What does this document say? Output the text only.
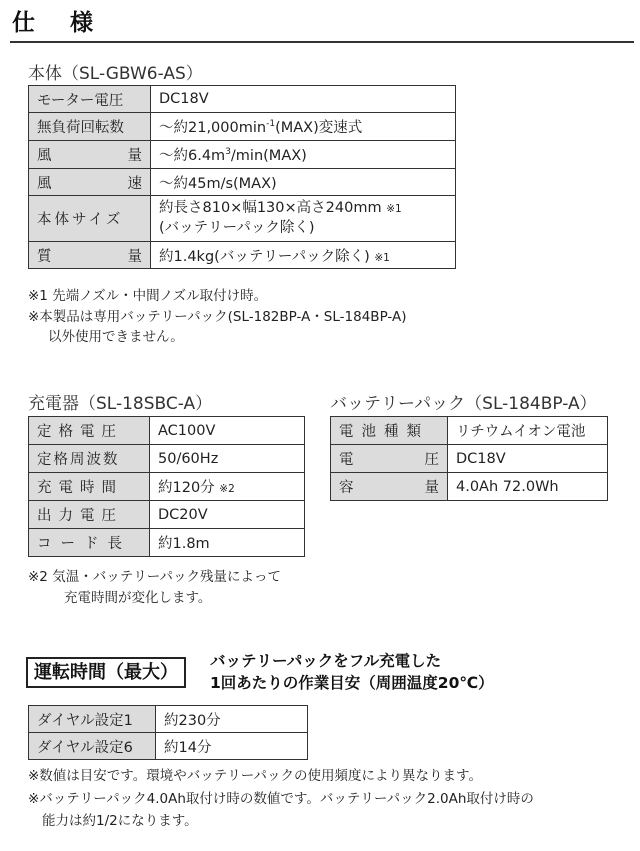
仕　様
本体（SL-GBW6-AS）
モーター電圧	DC18V
無負荷回転数	～約$21,000\min^{-1}(MAX)$変速式

風 量	～約$6.4m^3/\min(MAX)$

風 速	～約45m/s(MAX)
本体サイズ	約長さ810×幅130×高さ240mm ※1
(バッテリーパック除く)

質 量	約1.4kg(バッテリーパック除く) ※1
※1 先端ノズル・中間ノズル取付け時。
※本製品は専用バッテリーパック(SL-182BP-A・SL-184BP-A)
以外使用できません。
充電器（SL-18SBC-A）
定格電圧	AC100V
定格周波数	50/60Hz
充電時間	約120分 ※2
出力電圧	DC20V
コード長	約1.8m
※2 気温・バッテリーパック残量によって
充電時間が変化します。
バッテリーパック（SL-184BP-A）
電池種類	リチウムイオン電池

電 圧	DC18V

容 量	4.0Ah 72.0Wh
運転時間（最大）
バッテリーパックをフル充電した
1回あたりの作業目安（周囲温度20℃）
ダイヤル設定1	約230分
ダイヤル設定6	約14分
※数値は目安です。環境やバッテリーパックの使用頻度により異なります。
※バッテリーパック4.0Ah取付け時の数値です。バッテリーパック2.0Ah取付け時の
能力は約1/2になります。
